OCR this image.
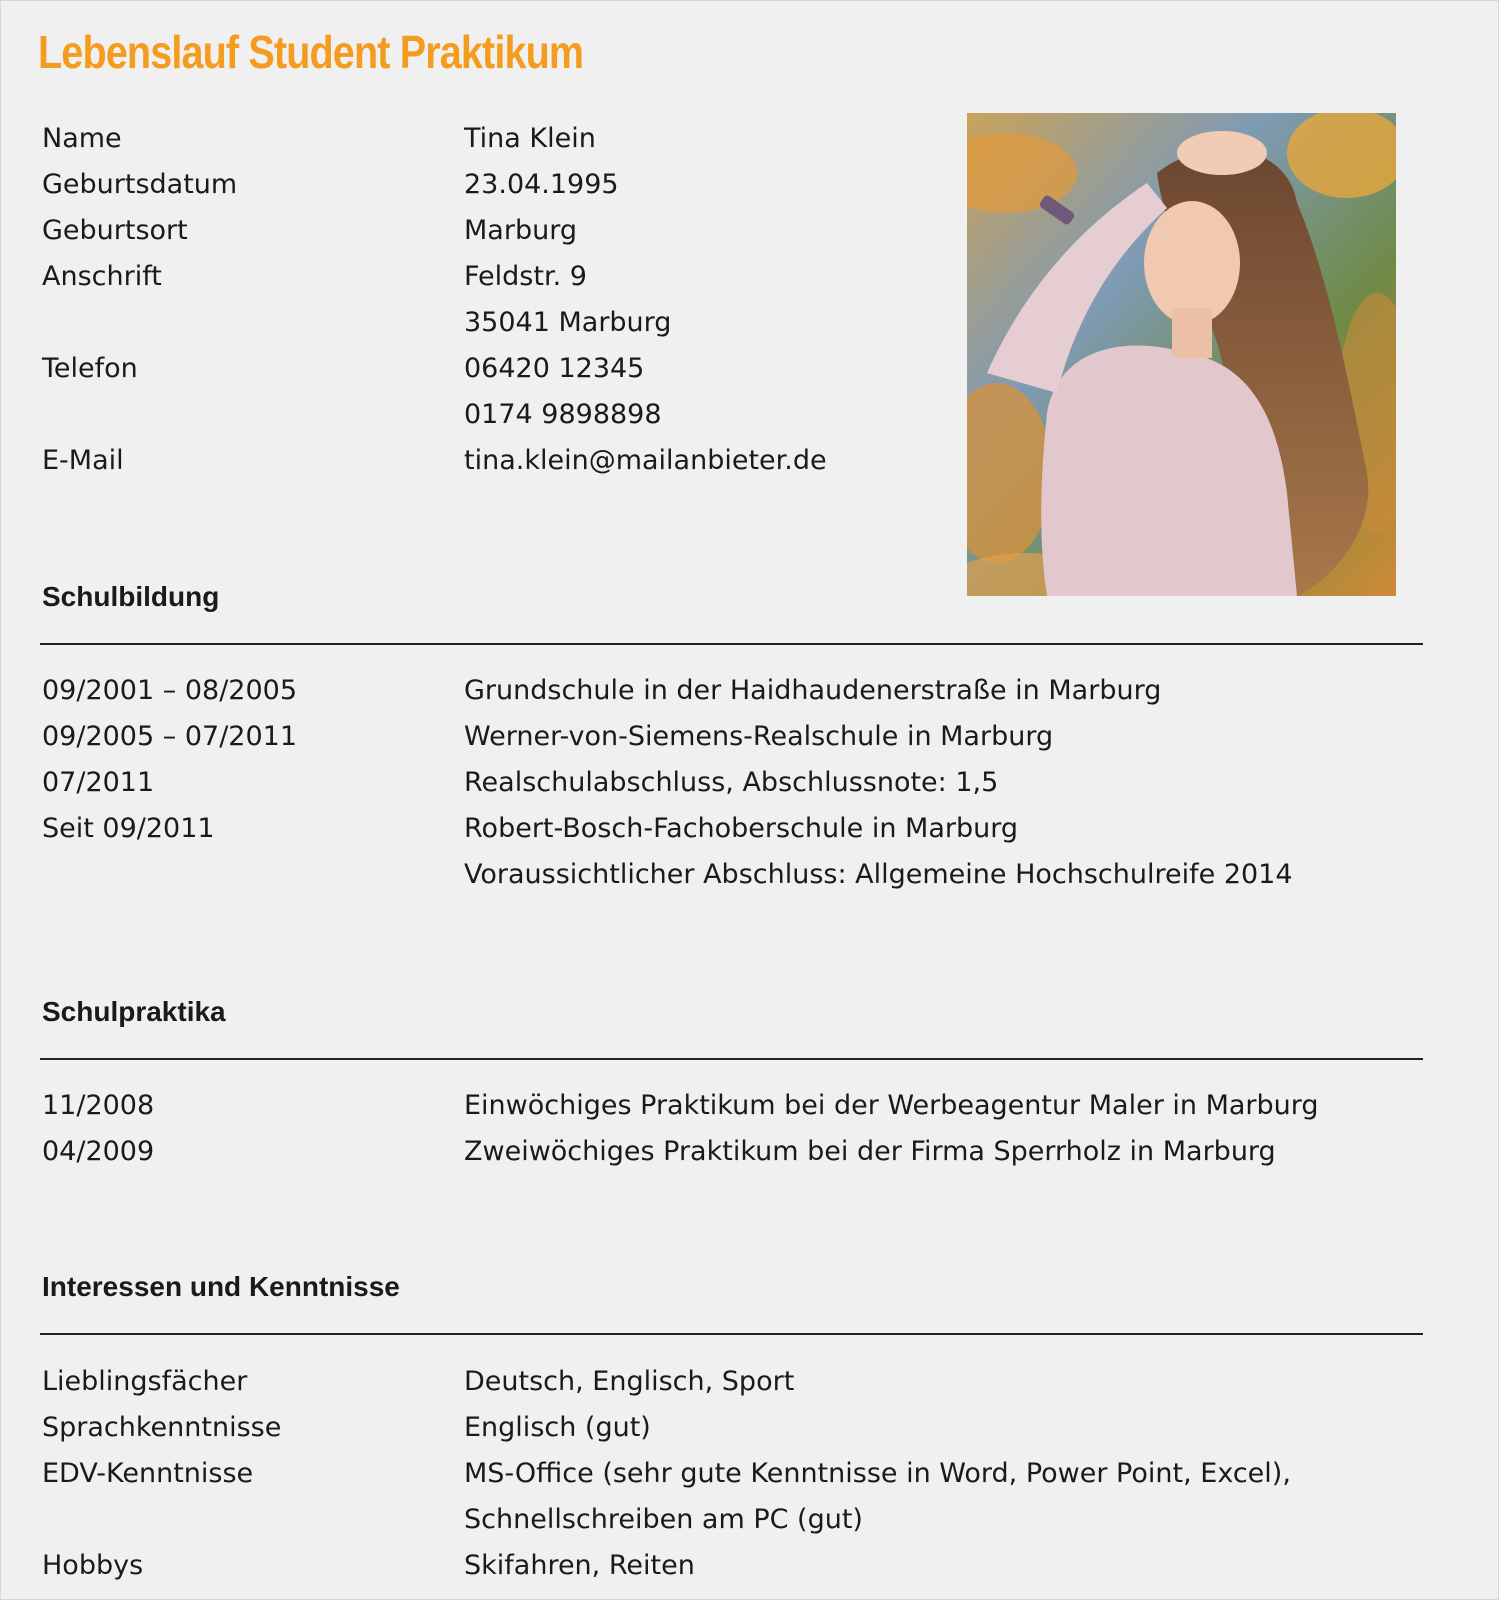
Lebenslauf Student Praktikum
Name	Tina Klein
Geburtsdatum	23.04.1995
Geburtsort	Marburg
Anschrift	Feldstr. 9
35041 Marburg
Telefon	06420 12345
0174 9898898
E-Mail	tina.klein@mailanbieter.de
Schulbildung
09/2001 – 08/2005	Grundschule in der Haidhaudenerstraße in Marburg
09/2005 – 07/2011	Werner-von-Siemens-Realschule in Marburg
07/2011	Realschulabschluss, Abschlussnote: 1,5
Seit 09/2011	Robert-Bosch-Fachoberschule in Marburg
Voraussichtlicher Abschluss: Allgemeine Hochschulreife 2014
Schulpraktika
11/2008	Einwöchiges Praktikum bei der Werbeagentur Maler in Marburg
04/2009	Zweiwöchiges Praktikum bei der Firma Sperrholz in Marburg
Interessen und Kenntnisse
Lieblingsfächer	Deutsch, Englisch, Sport
Sprachkenntnisse	Englisch (gut)
EDV-Kenntnisse	MS-Office (sehr gute Kenntnisse in Word, Power Point, Excel),
Schnellschreiben am PC (gut)
Hobbys	Skifahren, Reiten
